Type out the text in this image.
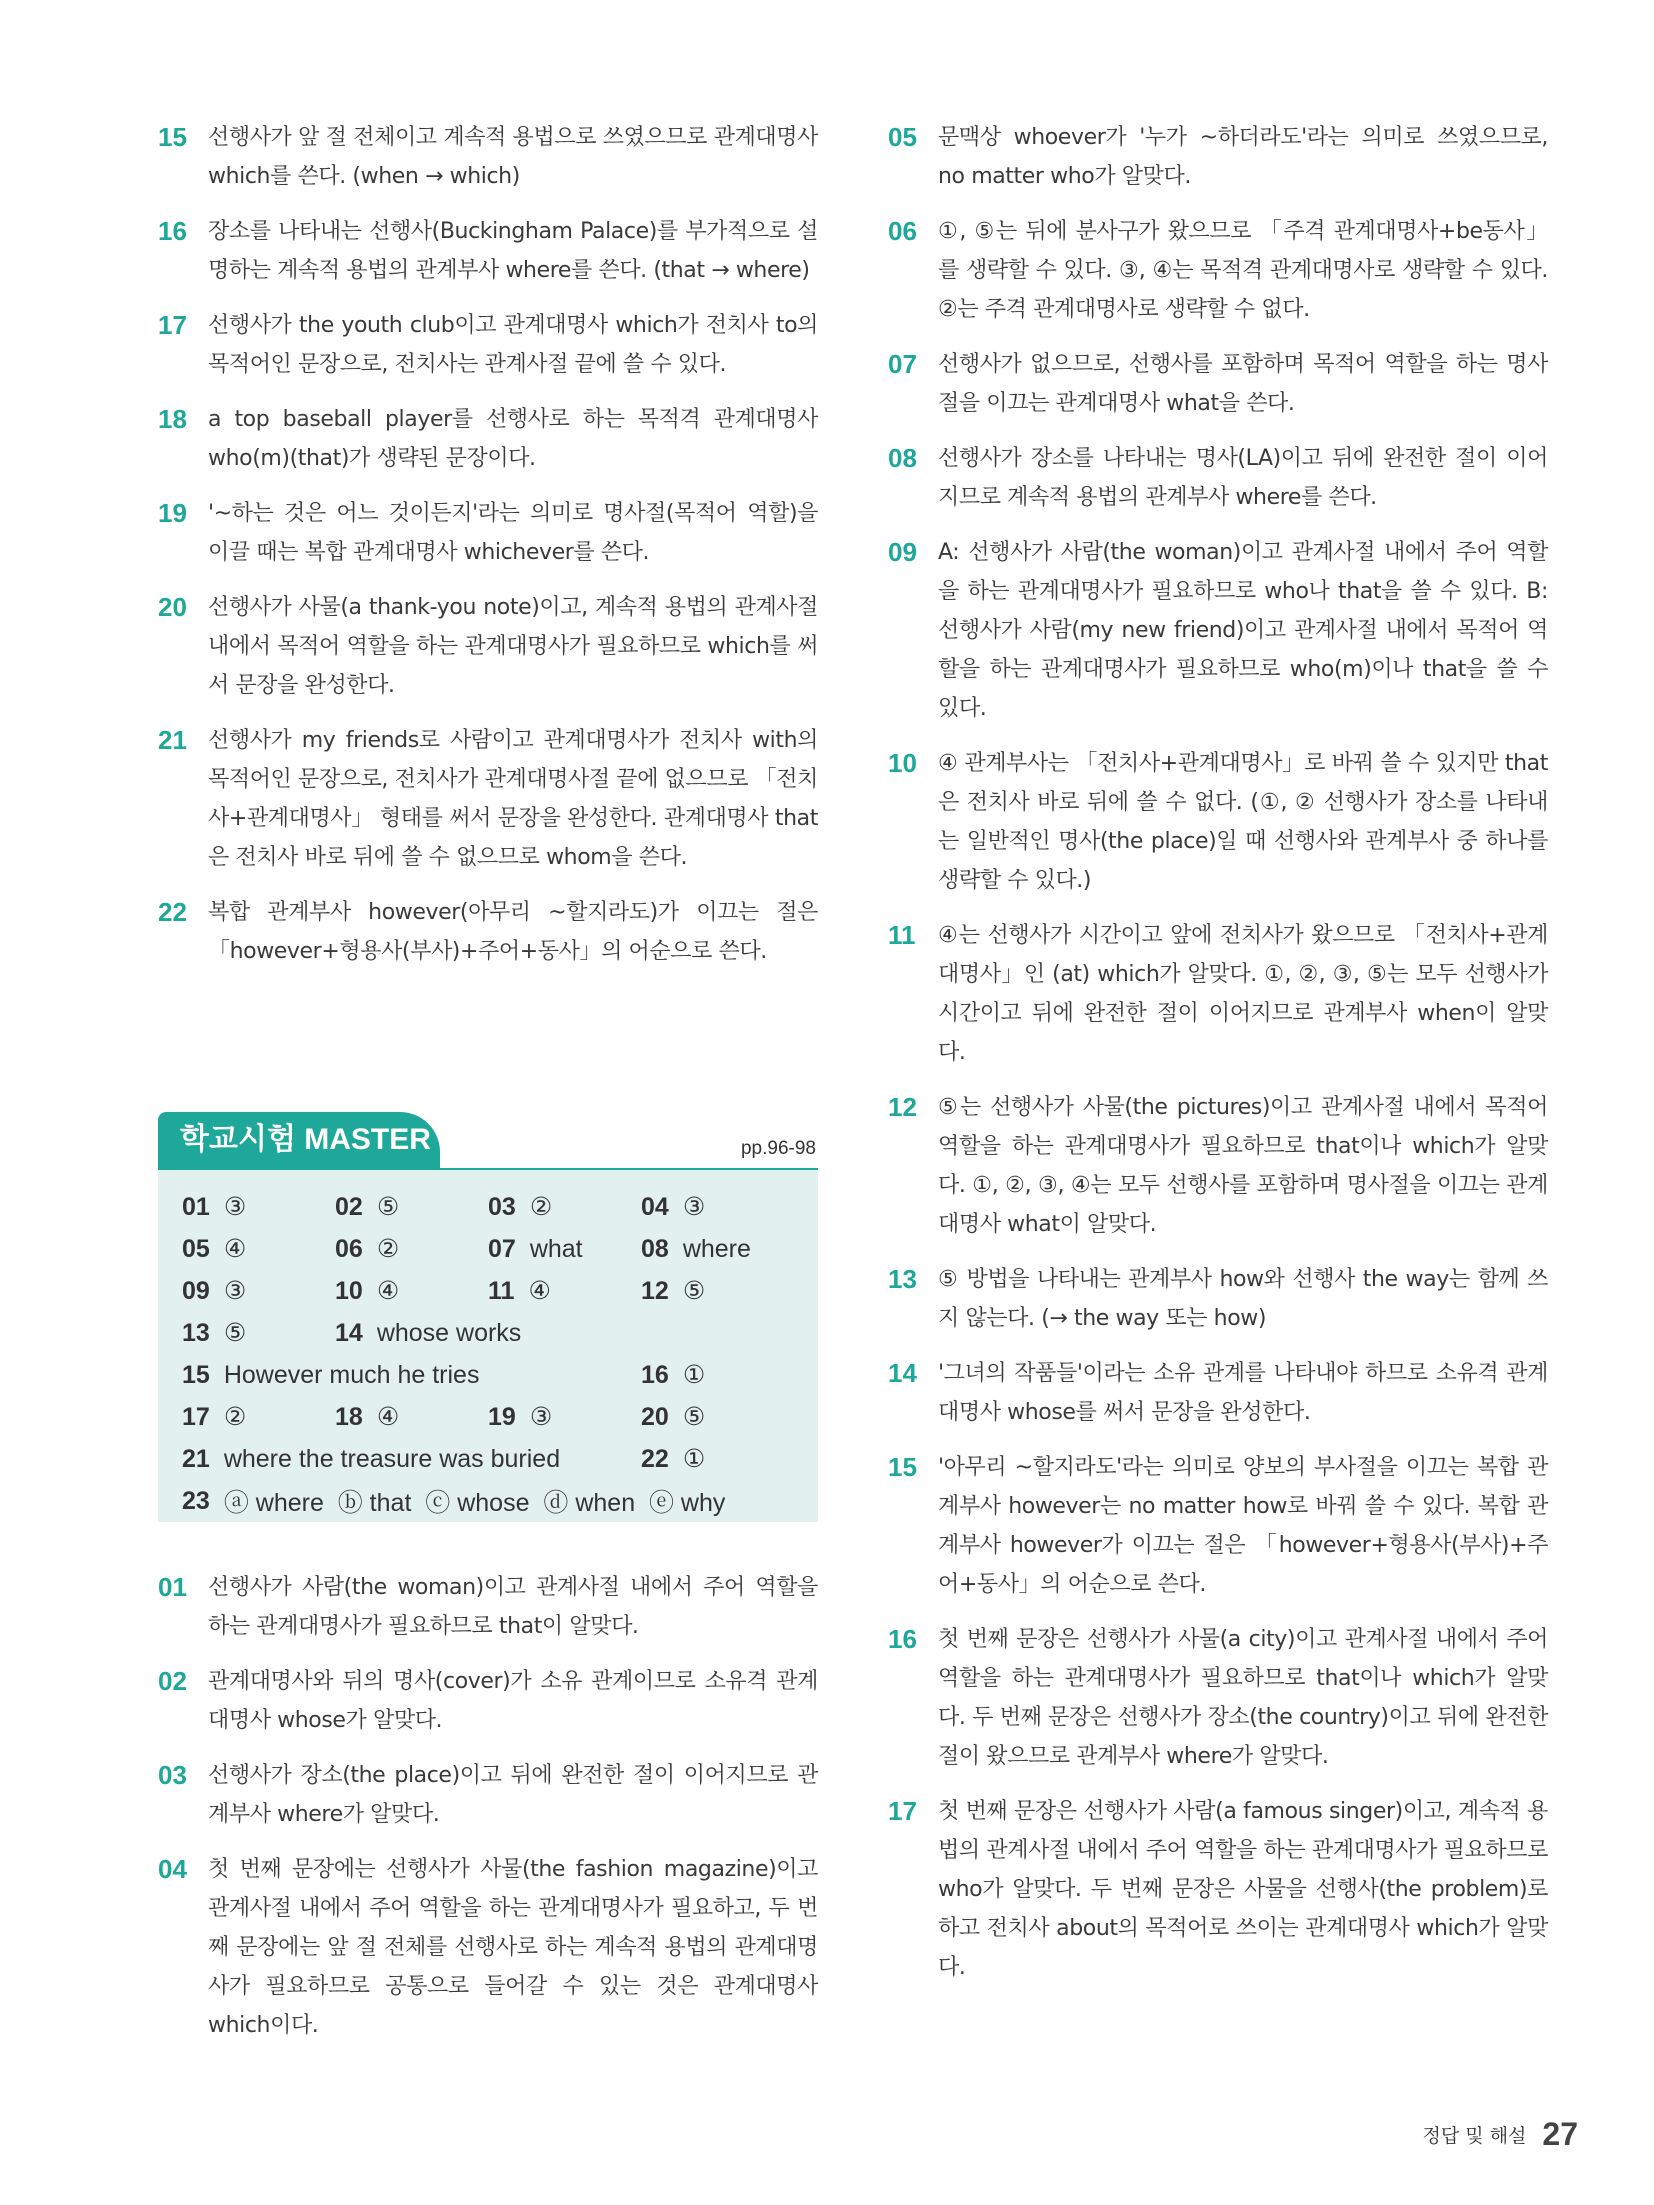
15 선행사가 앞 절 전체이고 계속적 용법으로 쓰였으므로 관계대명사 which를 쓴다. (when → which)
16 장소를 나타내는 선행사(Buckingham Palace)를 부가적으로 설명하는 계속적 용법의 관계부사 where를 쓴다. (that → where)
17 선행사가 the youth club이고 관계대명사 which가 전치사 to의 목적어인 문장으로, 전치사는 관계사절 끝에 쓸 수 있다.
18 a top baseball player를 선행사로 하는 목적격 관계대명사 who(m)(that)가 생략된 문장이다.
19 '~하는 것은 어느 것이든지'라는 의미로 명사절(목적어 역할)을 이끌 때는 복합 관계대명사 whichever를 쓴다.
20 선행사가 사물(a thank-you note)이고, 계속적 용법의 관계사절 내에서 목적어 역할을 하는 관계대명사가 필요하므로 which를 써서 문장을 완성한다.
21 선행사가 my friends로 사람이고 관계대명사가 전치사 with의 목적어인 문장으로, 전치사가 관계대명사절 끝에 없으므로 「전치사+관계대명사」 형태를 써서 문장을 완성한다. 관계대명사 that은 전치사 바로 뒤에 쓸 수 없으므로 whom을 쓴다.
22 복합 관계부사 however(아무리 ~할지라도)가 이끄는 절은 「however+형용사(부사)+주어+동사」의 어순으로 쓴다.
학교시험 MASTER	pp.96-98
01 ③	02 ⑤	03 ②	04 ③
05 ④	06 ②	07 what 08 where
09 ③	10 ④	11 ④	12 ⑤
13 ⑤	14 whose works
15 However much he tries	16 ①
17 ②	18 ④	19 ③	20 ⑤
21 where the treasure was buried	22 ①
23 ⓐ where  ⓑ that  ⓒ whose  ⓓ when  ⓔ why
01 선행사가 사람(the woman)이고 관계사절 내에서 주어 역할을 하는 관계대명사가 필요하므로 that이 알맞다.
02 관계대명사와 뒤의 명사(cover)가 소유 관계이므로 소유격 관계대명사 whose가 알맞다.
03 선행사가 장소(the place)이고 뒤에 완전한 절이 이어지므로 관계부사 where가 알맞다.
04 첫 번째 문장에는 선행사가 사물(the fashion magazine)이고 관계사절 내에서 주어 역할을 하는 관계대명사가 필요하고, 두 번째 문장에는 앞 절 전체를 선행사로 하는 계속적 용법의 관계대명사가 필요하므로 공통으로 들어갈 수 있는 것은 관계대명사 which이다.
05 문맥상 whoever가 '누가 ~하더라도'라는 의미로 쓰였으므로, no matter who가 알맞다.
06 ①, ⑤는 뒤에 분사구가 왔으므로 「주격 관계대명사+be동사」를 생략할 수 있다. ③, ④는 목적격 관계대명사로 생략할 수 있다. ②는 주격 관계대명사로 생략할 수 없다.
07 선행사가 없으므로, 선행사를 포함하며 목적어 역할을 하는 명사절을 이끄는 관계대명사 what을 쓴다.
08 선행사가 장소를 나타내는 명사(LA)이고 뒤에 완전한 절이 이어지므로 계속적 용법의 관계부사 where를 쓴다.
09 A: 선행사가 사람(the woman)이고 관계사절 내에서 주어 역할을 하는 관계대명사가 필요하므로 who나 that을 쓸 수 있다. B: 선행사가 사람(my new friend)이고 관계사절 내에서 목적어 역할을 하는 관계대명사가 필요하므로 who(m)이나 that을 쓸 수 있다.
10 ④ 관계부사는 「전치사+관계대명사」로 바꿔 쓸 수 있지만 that은 전치사 바로 뒤에 쓸 수 없다. (①, ② 선행사가 장소를 나타내는 일반적인 명사(the place)일 때 선행사와 관계부사 중 하나를 생략할 수 있다.)
11	④는 선행사가 시간이고 앞에 전치사가 왔으므로 「전치사+관계대명사」인 (at) which가 알맞다. ①, ②, ③, ⑤는 모두 선행사가 시간이고 뒤에 완전한 절이 이어지므로 관계부사 when이 알맞다.
12 ⑤는 선행사가 사물(the pictures)이고 관계사절 내에서 목적어 역할을 하는 관계대명사가 필요하므로 that이나 which가 알맞다. ①, ②, ③, ④는 모두 선행사를 포함하며 명사절을 이끄는 관계대명사 what이 알맞다.
13 ⑤ 방법을 나타내는 관계부사 how와 선행사 the way는 함께 쓰지 않는다. (→ the way 또는 how)
14 '그녀의 작품들'이라는 소유 관계를 나타내야 하므로 소유격 관계대명사 whose를 써서 문장을 완성한다.
15 '아무리 ~할지라도'라는 의미로 양보의 부사절을 이끄는 복합 관계부사 however는 no matter how로 바꿔 쓸 수 있다. 복합 관계부사 however가 이끄는 절은 「however+형용사(부사)+주어+동사」의 어순으로 쓴다.
16 첫 번째 문장은 선행사가 사물(a city)이고 관계사절 내에서 주어 역할을 하는 관계대명사가 필요하므로 that이나 which가 알맞다. 두 번째 문장은 선행사가 장소(the country)이고 뒤에 완전한 절이 왔으므로 관계부사 where가 알맞다.
17 첫 번째 문장은 선행사가 사람(a famous singer)이고, 계속적 용법의 관계사절 내에서 주어 역할을 하는 관계대명사가 필요하므로 who가 알맞다. 두 번째 문장은 사물을 선행사(the problem)로 하고 전치사 about의 목적어로 쓰이는 관계대명사 which가 알맞다.
정답 및 해설 27
